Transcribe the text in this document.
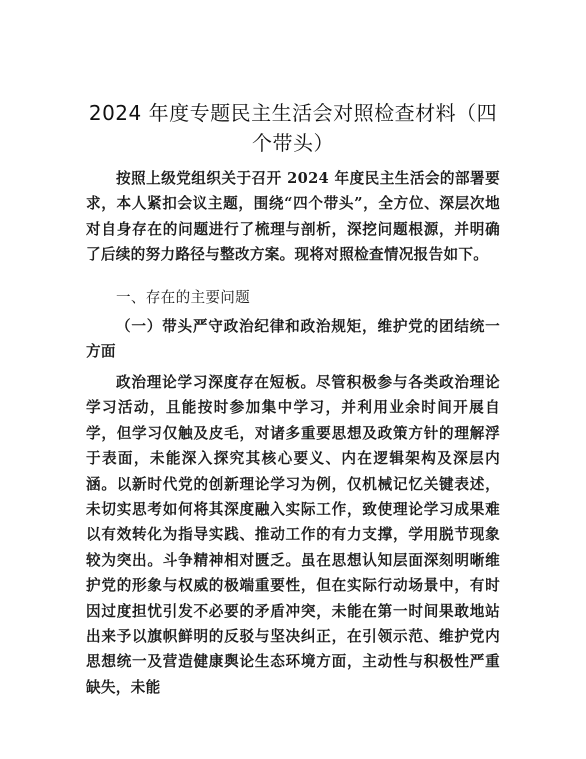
2024 年度专题民主生活会对照检查材料（四个带头）
按照上级党组织关于召开 2024 年度民主生活会的部署要求，本人紧扣会议主题，围绕“四个带头”，全方位、深层次地对自身存在的问题进行了梳理与剖析，深挖问题根源，并明确了后续的努力路径与整改方案。现将对照检查情况报告如下。
一、存在的主要问题
（一）带头严守政治纪律和政治规矩，维护党的团结统一方面
政治理论学习深度存在短板。尽管积极参与各类政治理论学习活动，且能按时参加集中学习，并利用业余时间开展自学，但学习仅触及皮毛，对诸多重要思想及政策方针的理解浮于表面，未能深入探究其核心要义、内在逻辑架构及深层内涵。以新时代党的创新理论学习为例，仅机械记忆关键表述，未切实思考如何将其深度融入实际工作，致使理论学习成果难以有效转化为指导实践、推动工作的有力支撑，学用脱节现象较为突出。斗争精神相对匮乏。虽在思想认知层面深刻明晰维护党的形象与权威的极端重要性，但在实际行动场景中，有时因过度担忧引发不必要的矛盾冲突，未能在第一时间果敢地站出来予以旗帜鲜明的反驳与坚决纠正，在引领示范、维护党内思想统一及营造健康舆论生态环境方面，主动性与积极性严重缺失，未能
